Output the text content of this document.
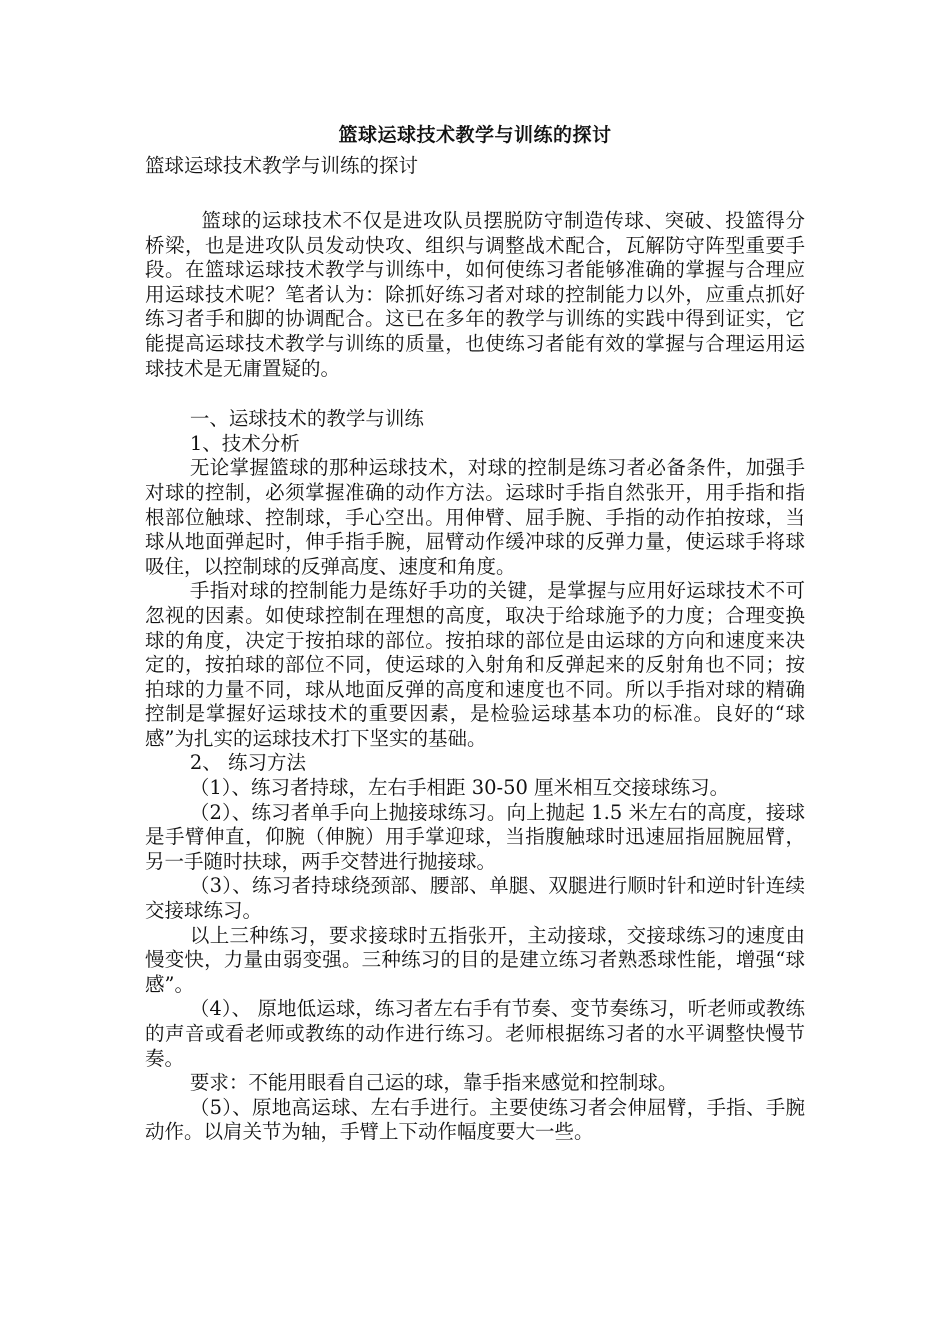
篮球运球技术教学与训练的探讨
篮球运球技术教学与训练的探讨

篮球的运球技术不仅是进攻队员摆脱防守制造传球、突破、投篮得分桥梁，也是进攻队员发动快攻、组织与调整战术配合，瓦解防守阵型重要手段。在篮球运球技术教学与训练中，如何使练习者能够准确的掌握与合理应用运球技术呢？笔者认为：除抓好练习者对球的控制能力以外，应重点抓好练习者手和脚的协调配合。这已在多年的教学与训练的实践中得到证实，它能提高运球技术教学与训练的质量，也使练习者能有效的掌握与合理运用运球技术是无庸置疑的。

一、运球技术的教学与训练

1、技术分析

无论掌握篮球的那种运球技术，对球的控制是练习者必备条件，加强手对球的控制，必须掌握准确的动作方法。运球时手指自然张开，用手指和指根部位触球、控制球，手心空出。用伸臂、屈手腕、手指的动作拍按球，当球从地面弹起时，伸手指手腕，屈臂动作缓冲球的反弹力量，使运球手将球吸住，以控制球的反弹高度、速度和角度。

手指对球的控制能力是练好手功的关键，是掌握与应用好运球技术不可忽视的因素。如使球控制在理想的高度，取决于给球施予的力度；合理变换球的角度，决定于按拍球的部位。按拍球的部位是由运球的方向和速度来决定的，按拍球的部位不同，使运球的入射角和反弹起来的反射角也不同；按拍球的力量不同，球从地面反弹的高度和速度也不同。所以手指对球的精确控制是掌握好运球技术的重要因素，是检验运球基本功的标准。良好的“球感”为扎实的运球技术打下坚实的基础。

2、 练习方法

（1）、练习者持球，左右手相距 30-50 厘米相互交接球练习。

（2）、练习者单手向上抛接球练习。向上抛起 1.5 米左右的高度，接球是手臂伸直，仰腕（伸腕）用手掌迎球，当指腹触球时迅速屈指屈腕屈臂，另一手随时扶球，两手交替进行抛接球。

（3）、练习者持球绕颈部、腰部、单腿、双腿进行顺时针和逆时针连续交接球练习。

以上三种练习，要求接球时五指张开，主动接球，交接球练习的速度由慢变快，力量由弱变强。三种练习的目的是建立练习者熟悉球性能，增强“球感”。

（4）、 原地低运球，练习者左右手有节奏、变节奏练习，听老师或教练的声音或看老师或教练的动作进行练习。老师根据练习者的水平调整快慢节奏。

要求：不能用眼看自己运的球，靠手指来感觉和控制球。

（5）、原地高运球、左右手进行。主要使练习者会伸屈臂，手指、手腕动作。以肩关节为轴，手臂上下动作幅度要大一些。
